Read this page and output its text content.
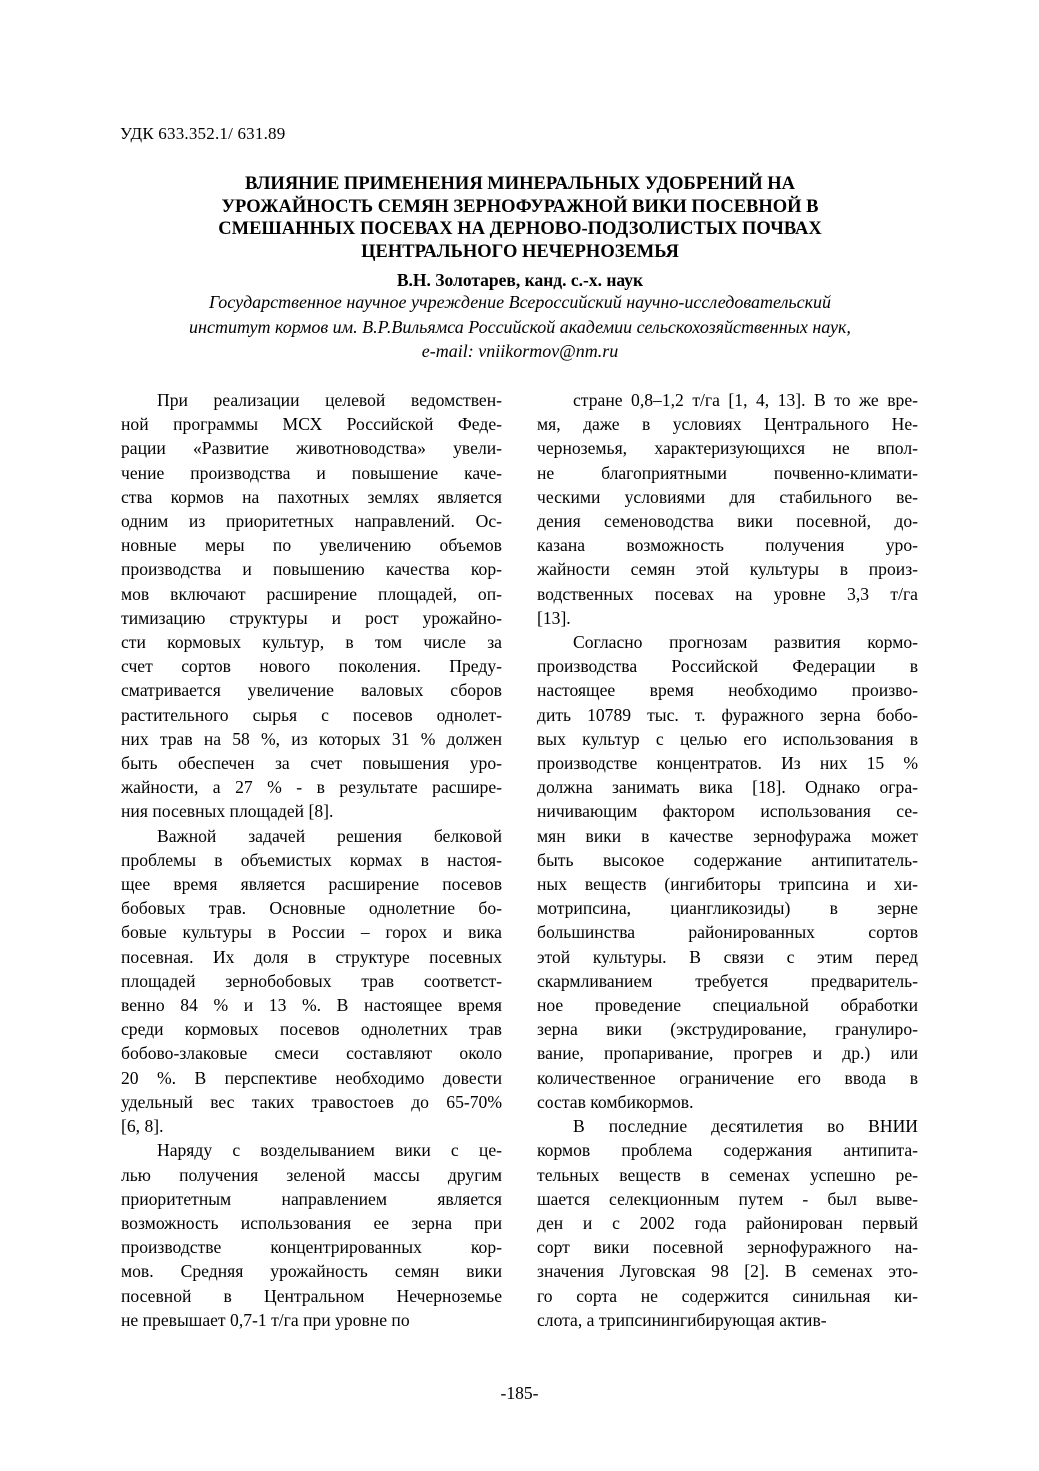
УДК 633.352.1/ 631.89
ВЛИЯНИЕ ПРИМЕНЕНИЯ МИНЕРАЛЬНЫХ УДОБРЕНИЙ НА
УРОЖАЙНОСТЬ СЕМЯН ЗЕРНОФУРАЖНОЙ ВИКИ ПОСЕВНОЙ В
СМЕШАННЫХ ПОСЕВАХ НА ДЕРНОВО-ПОДЗОЛИСТЫХ ПОЧВАХ
ЦЕНТРАЛЬНОГО НЕЧЕРНОЗЕМЬЯ
В.Н. Золотарев, канд. с.-х. наук
Государственное научное учреждение Всероссийский научно-исследовательский
институт кормов им. В.Р.Вильямса Российской академии сельскохозяйственных наук,
e-mail: vniikormov@nm.ru

При реализации целевой ведомствен-
ной программы МСХ Российской Феде-
рации «Развитие животноводства» увели-
чение производства и повышение каче-
ства кормов на пахотных землях является
одним из приоритетных направлений. Ос-
новные меры по увеличению объемов
производства и повышению качества кор-
мов включают расширение площадей, оп-
тимизацию структуры и рост урожайно-
сти кормовых культур, в том числе за
счет сортов нового поколения. Преду-
сматривается увеличение валовых сборов
растительного сырья с посевов однолет-
них трав на 58 %, из которых 31 % должен
быть обеспечен за счет повышения уро-
жайности, а 27 % - в результате расшире-
ния посевных площадей [8].

Важной задачей решения белковой
проблемы в объемистых кормах в настоя-
щее время является расширение посевов
бобовых трав. Основные однолетние бо-
бовые культуры в России – горох и вика
посевная. Их доля в структуре посевных
площадей зернобобовых трав соответст-
венно 84 % и 13 %. В настоящее время
среди кормовых посевов однолетних трав
бобово-злаковые смеси составляют около
20 %. В перспективе необходимо довести
удельный вес таких травостоев до 65-70%
[6, 8].

Наряду с возделыванием вики с це-
лью получения зеленой массы другим
приоритетным направлением является
возможность использования ее зерна при
производстве концентрированных кор-
мов. Средняя урожайность семян вики
посевной в Центральном Нечерноземье
не превышает 0,7-1 т/га при уровне по

стране 0,8–1,2 т/га [1, 4, 13]. В то же вре-
мя, даже в условиях Центрального Не-
черноземья, характеризующихся не впол-
не благоприятными почвенно-климати-
ческими условиями для стабильного ве-
дения семеноводства вики посевной, до-
казана возможность получения уро-
жайности семян этой культуры в произ-
водственных посевах на уровне 3,3 т/га
[13].

Согласно прогнозам развития кормо-
производства Российской Федерации в
настоящее время необходимо произво-
дить 10789 тыс. т. фуражного зерна бобо-
вых культур с целью его использования в
производстве концентратов. Из них 15 %
должна занимать вика [18]. Однако огра-
ничивающим фактором использования се-
мян вики в качестве зернофуража может
быть высокое содержание антипитатель-
ных веществ (ингибиторы трипсина и хи-
мотрипсина, циангликозиды) в зерне
большинства районированных сортов
этой культуры. В связи с этим перед
скармливанием требуется предваритель-
ное проведение специальной обработки
зерна вики (экструдирование, гранулиро-
вание, пропаривание, прогрев и др.) или
количественное ограничение его ввода в
состав комбикормов.

В последние десятилетия во ВНИИ
кормов проблема содержания антипита-
тельных веществ в семенах успешно ре-
шается селекционным путем - был выве-
ден и с 2002 года районирован первый
сорт вики посевной зернофуражного на-
значения Луговская 98 [2]. В семенах это-
го сорта не содержится синильная ки-
слота, а трипсинингибирующая актив-

-185-
